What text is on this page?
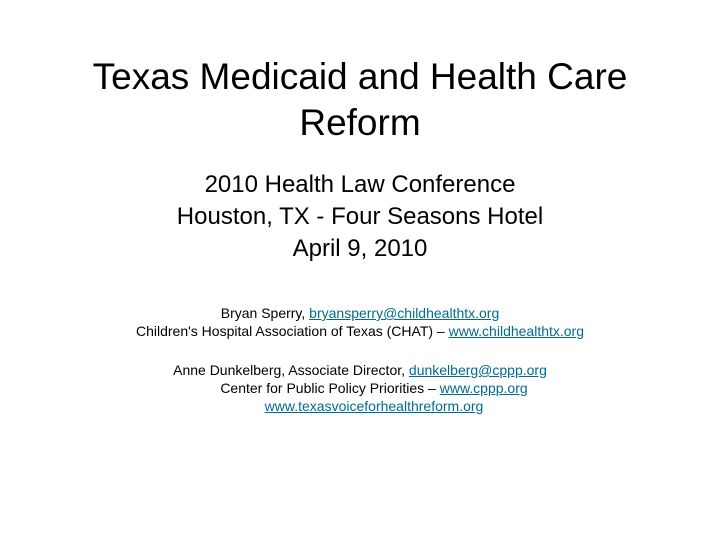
Texas Medicaid and Health Care Reform
2010 Health Law Conference
Houston, TX - Four Seasons Hotel
April 9, 2010
Bryan Sperry, bryansperry@childhealthtx.org
Children's Hospital Association of Texas (CHAT) – www.childhealthtx.org
Anne Dunkelberg, Associate Director, dunkelberg@cppp.org
Center for Public Policy Priorities – www.cppp.org
www.texasvoiceforhealthreform.org
